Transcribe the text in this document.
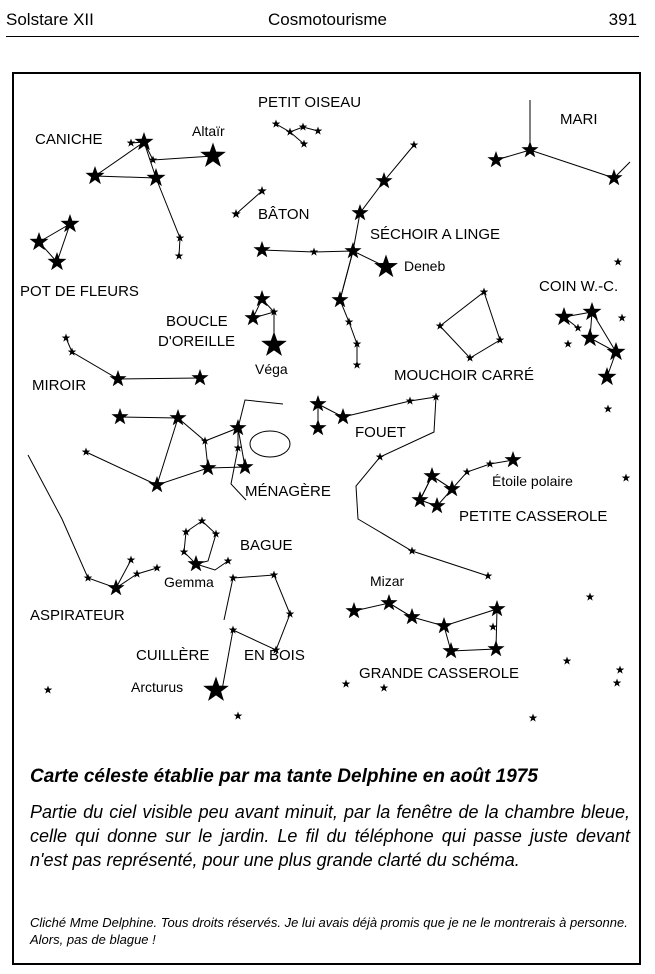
Solstare XII	Cosmotourisme	391
PETIT OISEAU
MARI
CANICHE	Altaïr
BÂTON
SÉCHOIR A LINGE
Deneb
POT DE FLEURS	COIN W.-C.
BOUCLE
D'OREILLE
Véga	MOUCHOIR CARRÉ
MIROIR
FOUET
MÉNAGÈRE
Étoile polaire
PETITE CASSEROLE
BAGUE
Gemma
ASPIRATEUR
Mizar
CUILLÈRE EN BOIS
GRANDE CASSEROLE
Arcturus
Carte céleste établie par ma tante Delphine en août 1975
Partie du ciel visible peu avant minuit, par la fenêtre de la chambre bleue, celle qui donne sur le jardin. Le fil du téléphone qui passe juste devant n'est pas représenté, pour une plus grande clarté du schéma.
Cliché Mme Delphine. Tous droits réservés. Je lui avais déjà promis que je ne le montrerais à personne. Alors, pas de blague !
